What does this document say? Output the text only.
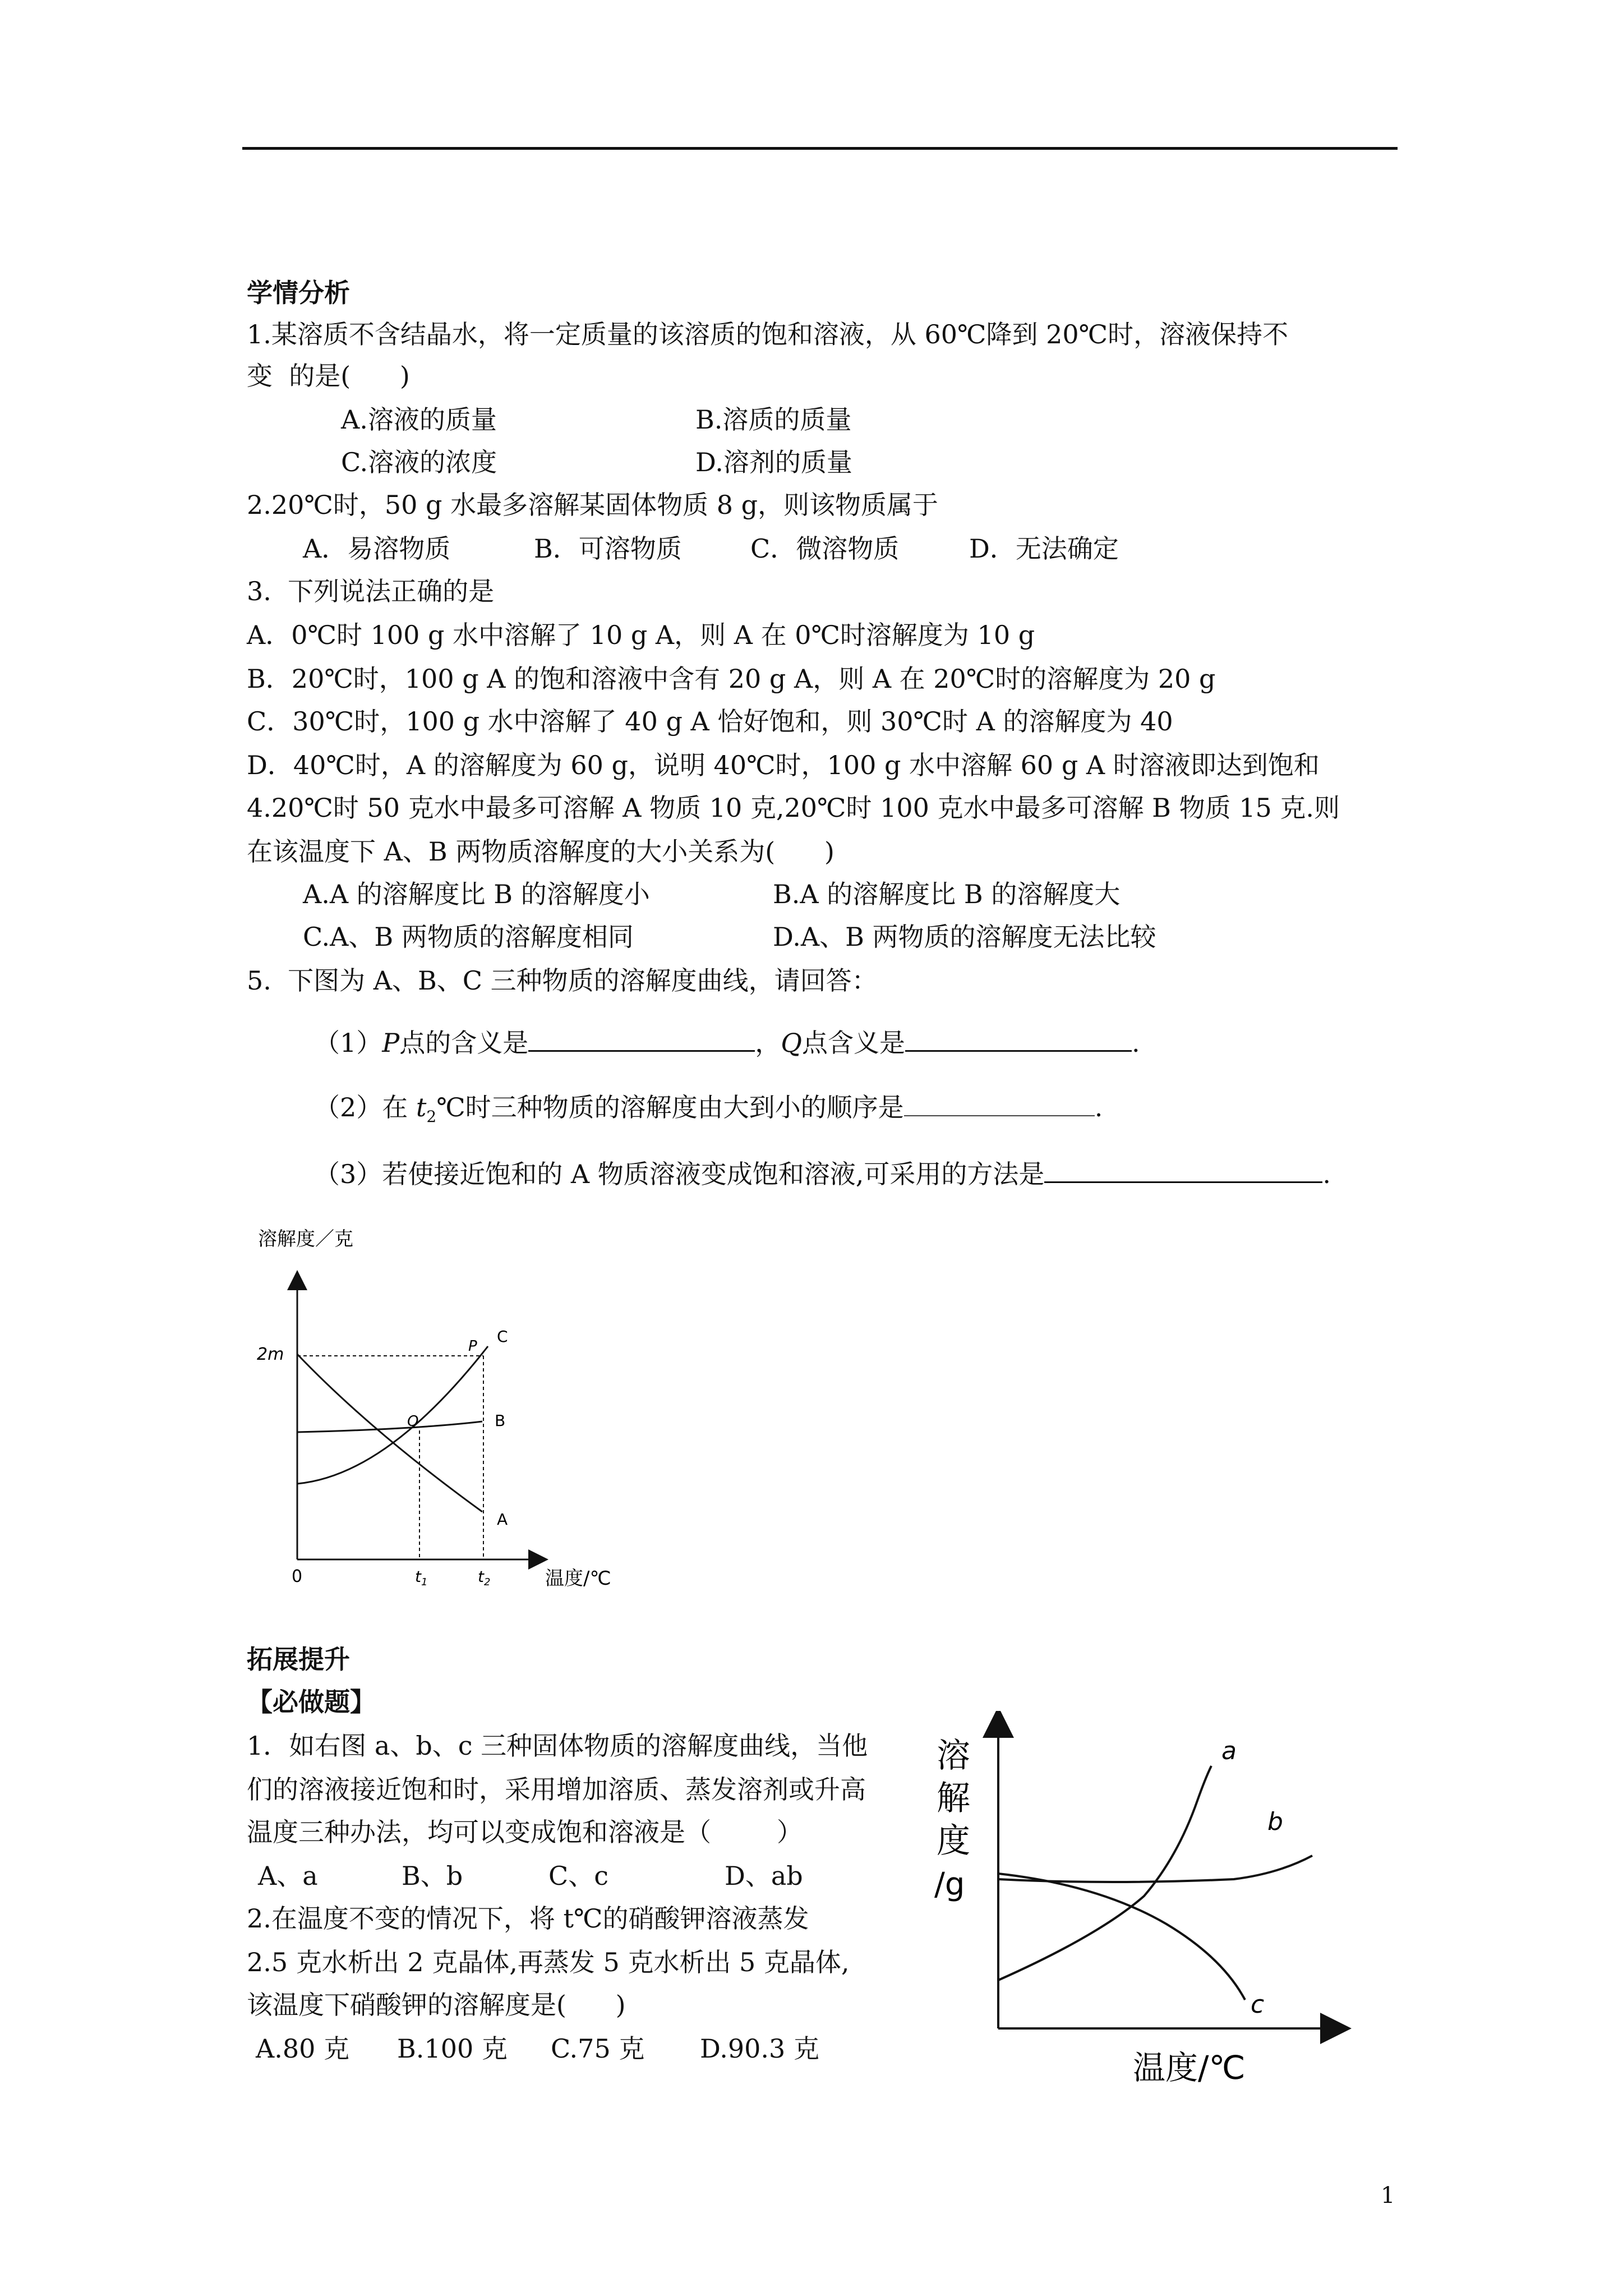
学情分析
1.某溶质不含结晶水，将一定质量的该溶质的饱和溶液，从 60℃降到 20℃时，溶液保持不
变  的是(      )
A.溶液的质量	B.溶质的质量
C.溶液的浓度	D.溶剂的质量
2.20℃时，50 g 水最多溶解某固体物质 8 g，则该物质属于
A．易溶物质	B．可溶物质	C．微溶物质	D．无法确定
3.  下列说法正确的是
A．0℃时 100 g 水中溶解了 10 g A，则 A 在 0℃时溶解度为 10 g
B．20℃时，100 g A 的饱和溶液中含有 20 g A，则 A 在 20℃时的溶解度为 20 g
C．30℃时，100 g 水中溶解了 40 g A 恰好饱和，则 30℃时 A 的溶解度为 40
D．40℃时，A 的溶解度为 60 g，说明 40℃时，100 g 水中溶解 60 g A 时溶液即达到饱和
4.20℃时 50 克水中最多可溶解 A 物质 10 克,20℃时 100 克水中最多可溶解 B 物质 15 克.则
在该温度下 A、B 两物质溶解度的大小关系为(      )
A.A 的溶解度比 B 的溶解度小	B.A 的溶解度比 B 的溶解度大
C.A、B 两物质的溶解度相同	D.A、B 两物质的溶解度无法比较
5.  下图为 A、B、C 三种物质的溶解度曲线，请回答：
（1）P点的含义是	，Q点含义是	.
（2）在 $t_2℃$时三种物质的溶解度由大到小的顺序是	.
（3）若使接近饱和的 A 物质溶液变成饱和溶液,可采用的方法是	.
溶解度／克
0
2m
Q
P
C
B
A
$t_1$	$t_2$	温度/℃
拓展提升
【必做题】
1．如右图 a、b、c 三种固体物质的溶解度曲线，当他
们的溶液接近饱和时，采用增加溶质、蒸发溶剂或升高
温度三种办法，均可以变成饱和溶液是（        ）
A、a	B、b	C、c	D、ab
2.在温度不变的情况下，将 t℃的硝酸钾溶液蒸发
2.5 克水析出 2 克晶体,再蒸发 5 克水析出 5 克晶体,
该温度下硝酸钾的溶解度是(      )
A.80 克 B.100 克 C.75 克 D.90.3 克
溶
解
度
/g
a
b
c
温度/℃
1
